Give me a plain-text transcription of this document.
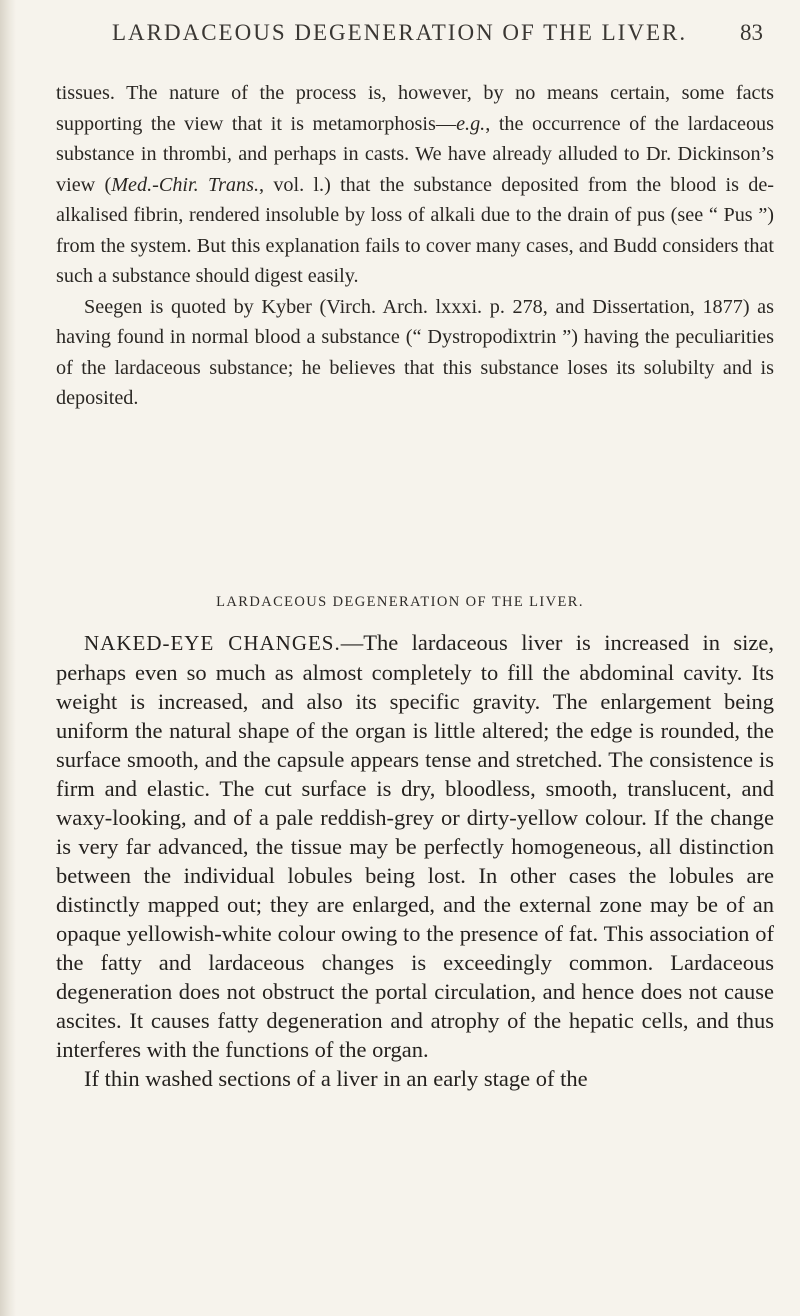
LARDACEOUS DEGENERATION OF THE LIVER. 83

tissues. The nature of the process is, however, by no means certain, some facts supporting the view that it is metamorphosis—e.g., the occurrence of the lardaceous substance in thrombi, and perhaps in casts. We have already alluded to Dr. Dickinson’s view (Med.-Chir. Trans., vol. l.) that the substance deposited from the blood is de-alkalised fibrin, rendered insoluble by loss of alkali due to the drain of pus (see “ Pus ”) from the system. But this explanation fails to cover many cases, and Budd considers that such a substance should digest easily.

Seegen is quoted by Kyber (Virch. Arch. lxxxi. p. 278, and Dissertation, 1877) as having found in normal blood a substance (“ Dystropodixtrin ”) having the peculiarities of the lardaceous substance; he believes that this substance loses its solubilty and is deposited.

LARDACEOUS DEGENERATION OF THE LIVER.

NAKED-EYE CHANGES.—The lardaceous liver is increased in size, perhaps even so much as almost completely to fill the abdominal cavity. Its weight is increased, and also its specific gravity. The enlargement being uniform the natural shape of the organ is little altered; the edge is rounded, the surface smooth, and the capsule appears tense and stretched. The consistence is firm and elastic. The cut surface is dry, bloodless, smooth, translucent, and waxy-looking, and of a pale reddish-grey or dirty-yellow colour. If the change is very far advanced, the tissue may be perfectly homogeneous, all distinction between the individual lobules being lost. In other cases the lobules are distinctly mapped out; they are enlarged, and the external zone may be of an opaque yellowish-white colour owing to the presence of fat. This association of the fatty and lardaceous changes is exceedingly common. Lardaceous degeneration does not obstruct the portal circulation, and hence does not cause ascites. It causes fatty degeneration and atrophy of the hepatic cells, and thus interferes with the functions of the organ.

If thin washed sections of a liver in an early stage of the
